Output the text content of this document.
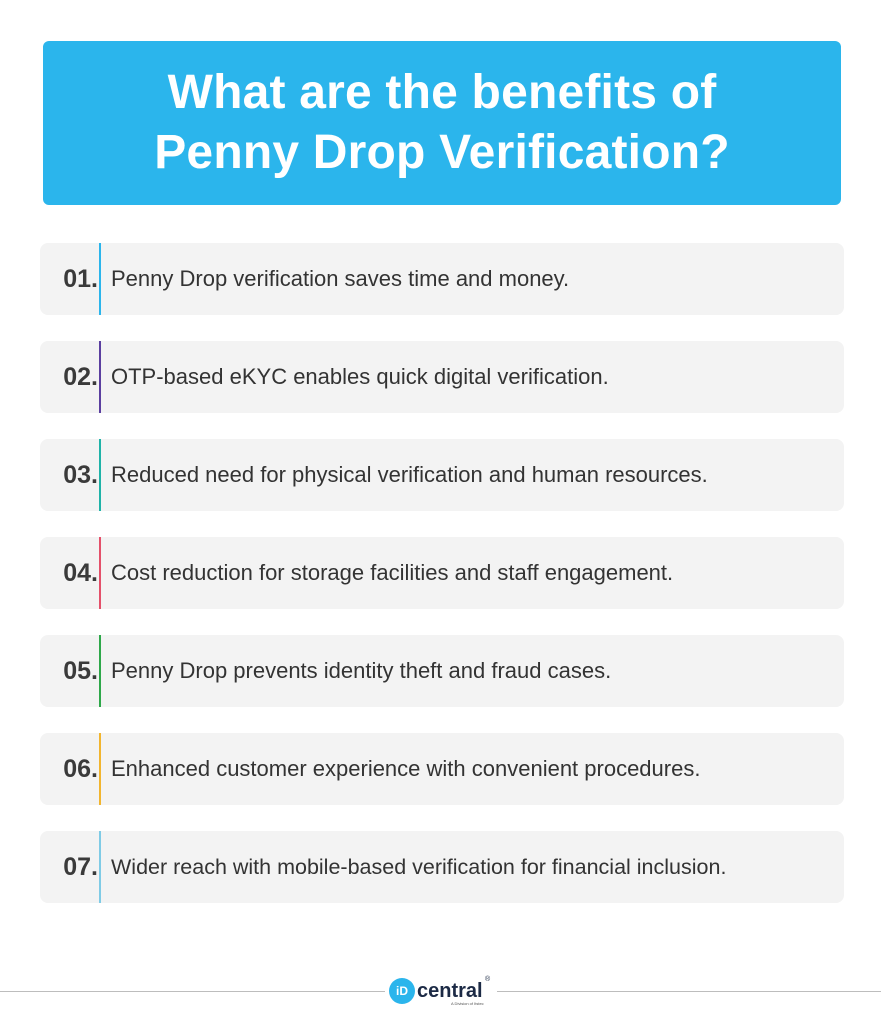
What are the benefits of
Penny Drop Verification?
01. Penny Drop verification saves time and money.
02. OTP-based eKYC enables quick digital verification.
03. Reduced need for physical verification and human resources.
04. Cost reduction for storage facilities and staff engagement.
05. Penny Drop prevents identity theft and fraud cases.
06. Enhanced customer experience with convenient procedures.
07. Wider reach with mobile-based verification for financial inclusion.
iD central
®
A Division of Itstec
